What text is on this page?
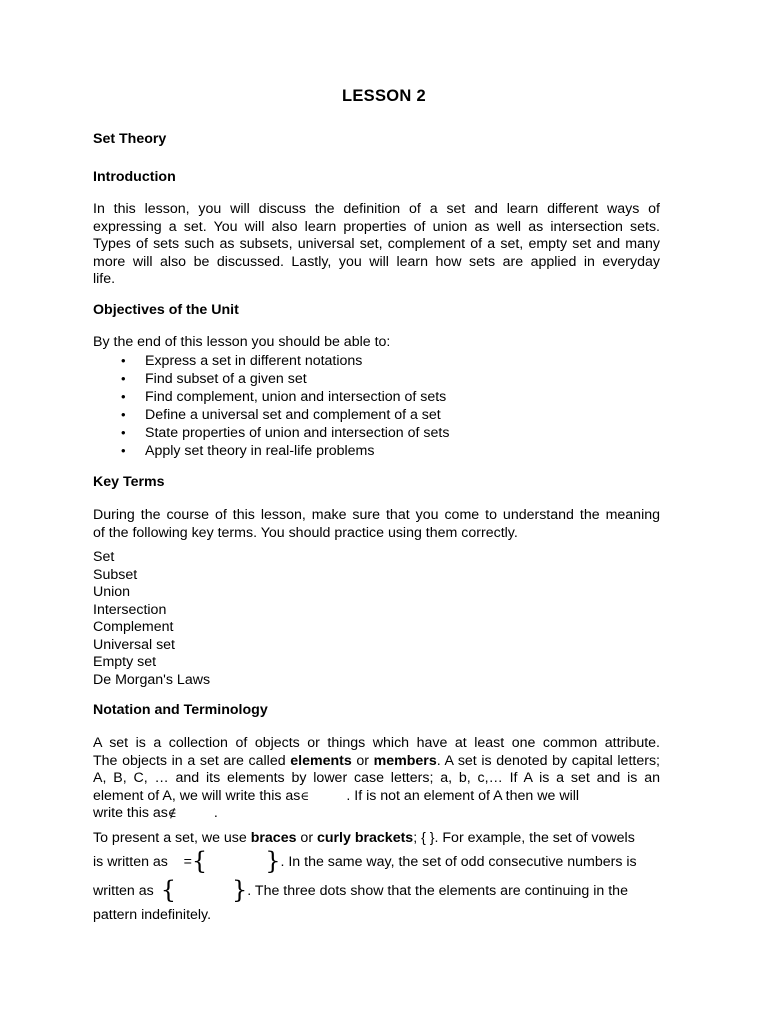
LESSON 2
Set Theory
Introduction
In this lesson, you will discuss the definition of a set and learn different ways of
expressing a set. You will also learn properties of union as well as intersection sets.
Types of sets such as subsets, universal set, complement of a set, empty set and many
more will also be discussed. Lastly, you will learn how sets are applied in everyday
life.
Objectives of the Unit
By the end of this lesson you should be able to:
• Express a set in different notations
• Find subset of a given set
• Find complement, union and intersection of sets
• Define a universal set and complement of a set
• State properties of union and intersection of sets
• Apply set theory in real-life problems
Key Terms
During the course of this lesson, make sure that you come to understand the meaning
of the following key terms. You should practice using them correctly.
Set
Subset
Union
Intersection
Complement
Universal set
Empty set
De Morgan's Laws
Notation and Terminology
A set is a collection of objects or things which have at least one common attribute.
The objects in a set are called elements or members. A set is denoted by capital letters;
A, B, C, … and its elements by lower case letters; a, b, c,… If A is a set and is an
element of A, we will write this as∈	. If is not an element of A then we will
write this as∉	.
To present a set, we use braces or curly brackets; { }. For example, the set of vowels
is written as ={ }. In the same way, the set of odd consecutive numbers is
written as { }. The three dots show that the elements are continuing in the
pattern indefinitely.
